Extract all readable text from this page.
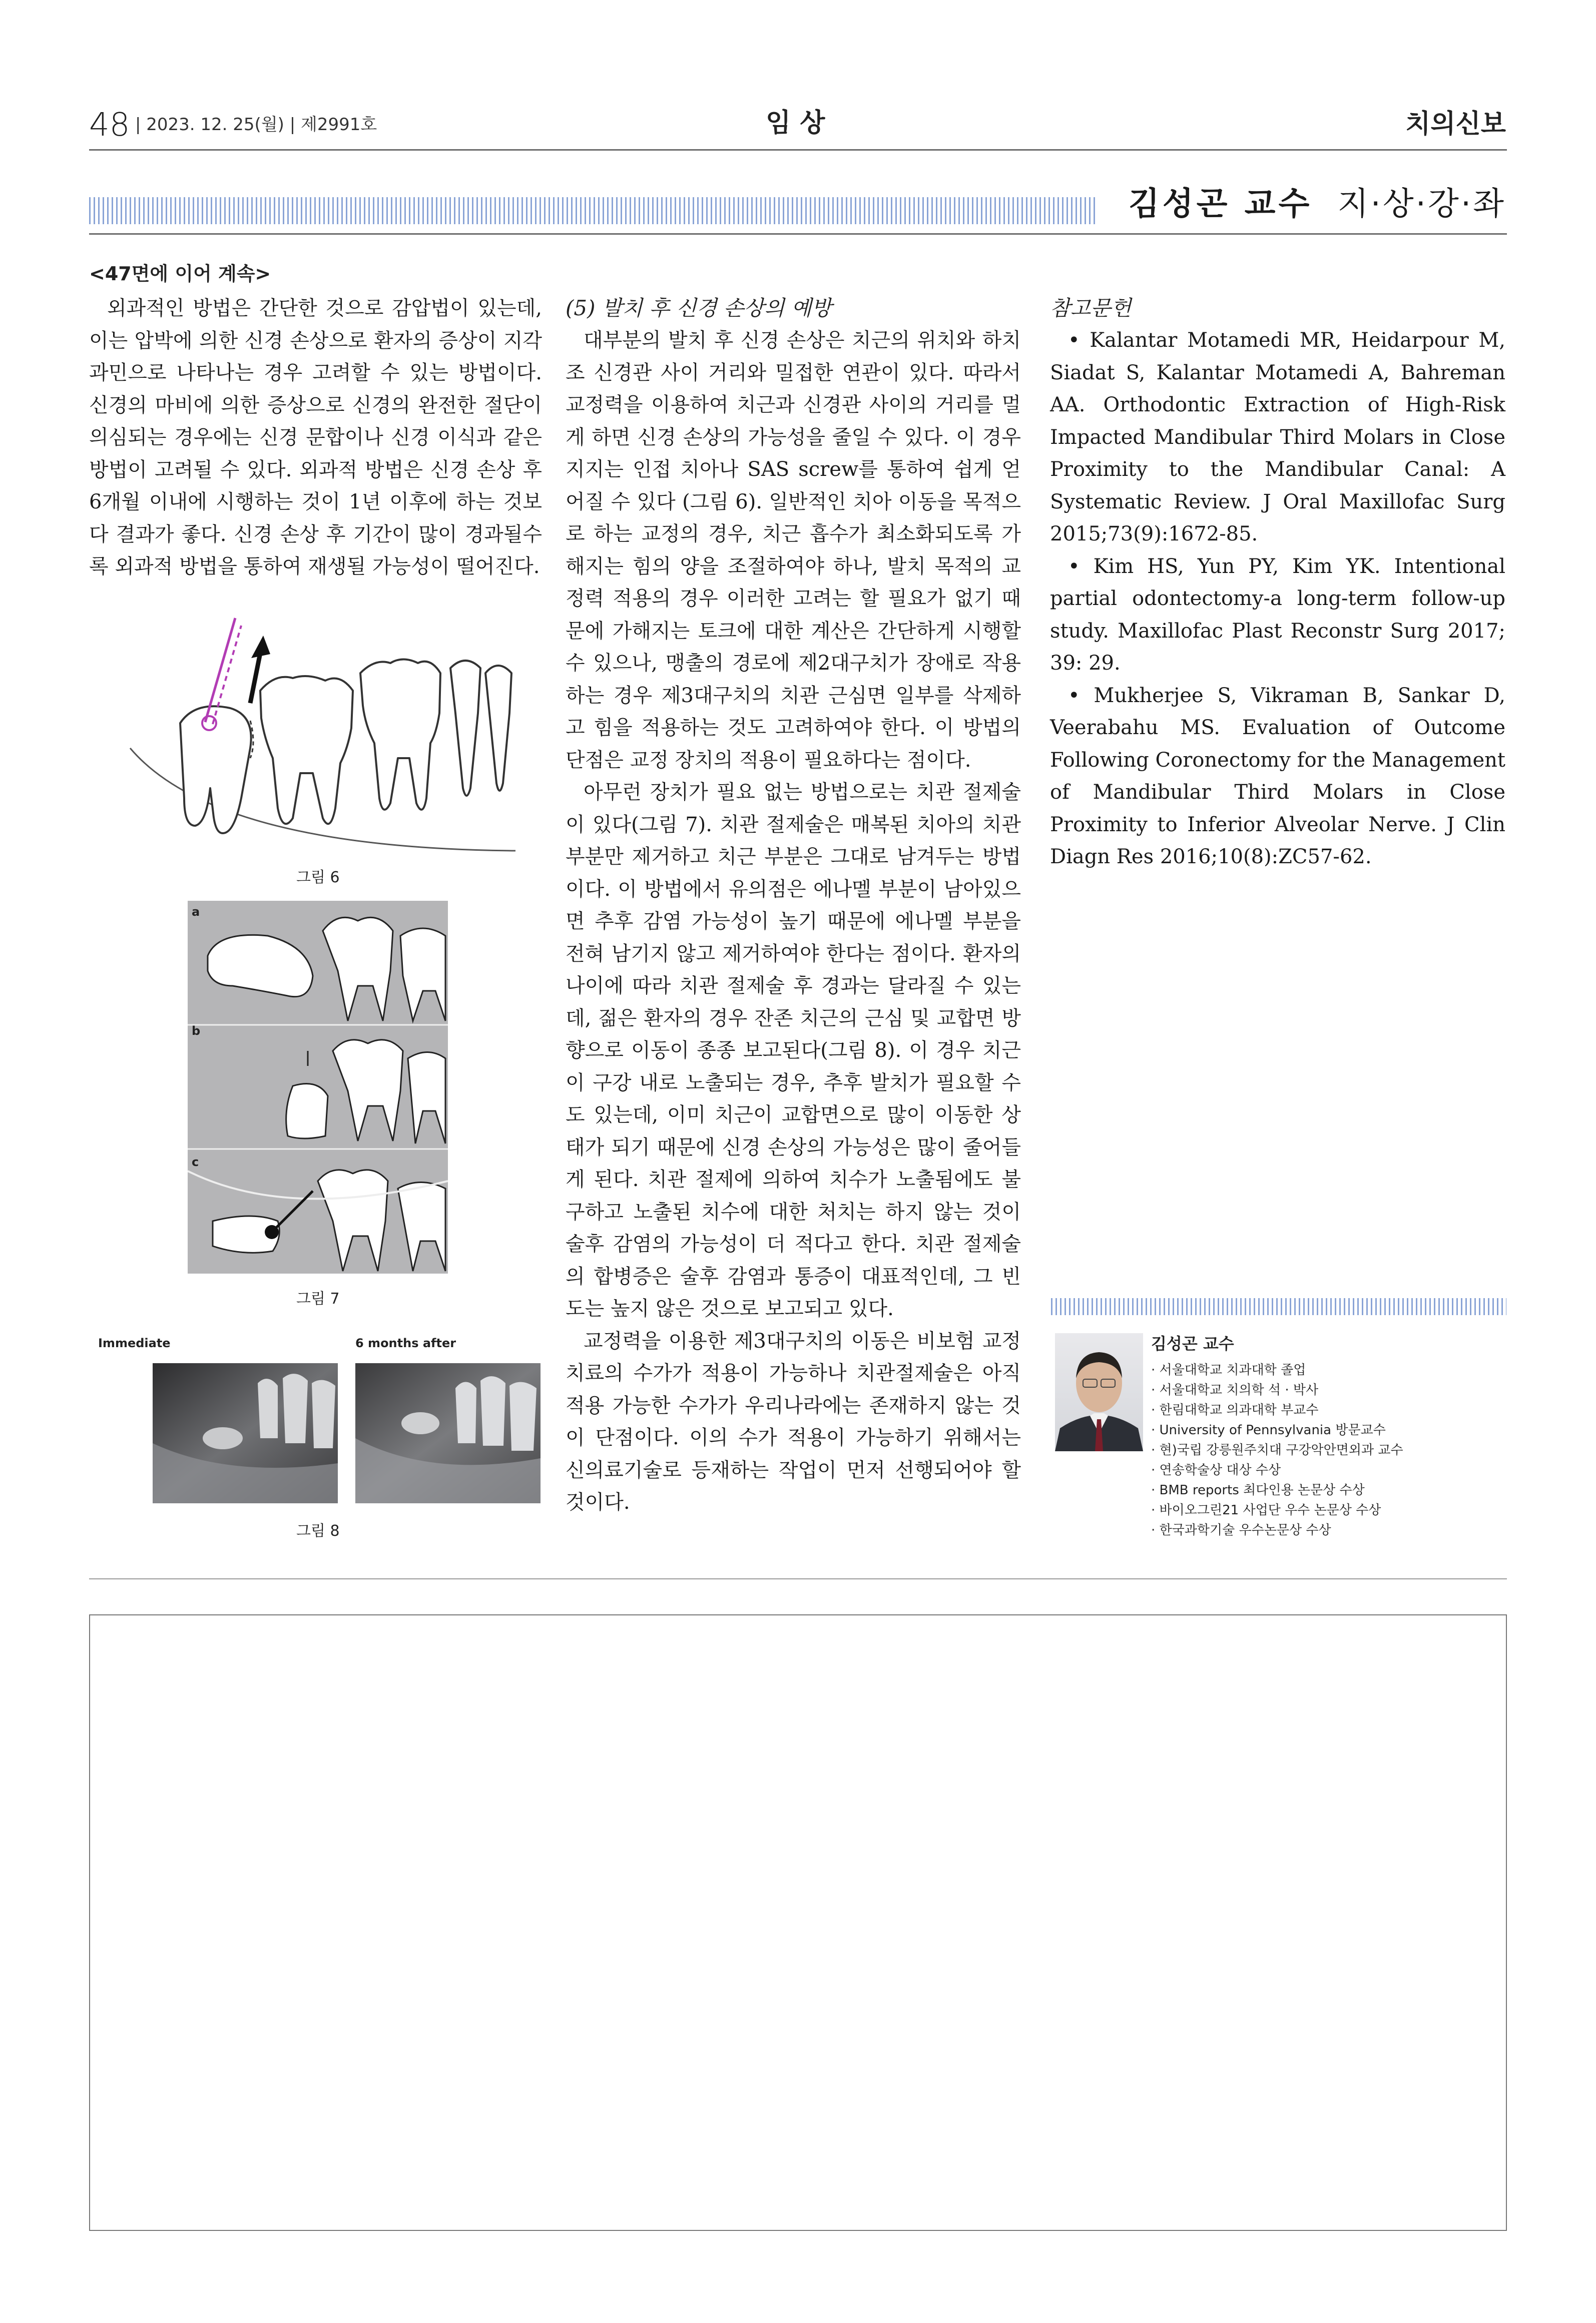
48 | 2023. 12. 25(월) | 제2991호	임상	치의신보
김성곤 교수 지·상·강·좌
<47면에 이어 계속>

외과적인 방법은 간단한 것으로 감압법이 있는데, 이는 압박에 의한 신경 손상으로 환자의 증상이 지각 과민으로 나타나는 경우 고려할 수 있는 방법이다. 신경의 마비에 의한 증상으로 신경의 완전한 절단이 의심되는 경우에는 신경 문합이나 신경 이식과 같은 방법이 고려될 수 있다. 외과적 방법은 신경 손상 후 6개월 이내에 시행하는 것이 1년 이후에 하는 것보다 결과가 좋다. 신경 손상 후 기간이 많이 경과될수록 외과적 방법을 통하여 재생될 가능성이 떨어진다.

그림 6
a
b
c
그림 7
Immediate	6 months after
그림 8
(5) 발치 후 신경 손상의 예방

대부분의 발치 후 신경 손상은 치근의 위치와 하치조 신경관 사이 거리와 밀접한 연관이 있다. 따라서 교정력을 이용하여 치근과 신경관 사이의 거리를 멀게 하면 신경 손상의 가능성을 줄일 수 있다. 이 경우 지지는 인접 치아나 SAS screw를 통하여 쉽게 얻어질 수 있다 (그림 6). 일반적인 치아 이동을 목적으로 하는 교정의 경우, 치근 흡수가 최소화되도록 가해지는 힘의 양을 조절하여야 하나, 발치 목적의 교정력 적용의 경우 이러한 고려는 할 필요가 없기 때문에 가해지는 토크에 대한 계산은 간단하게 시행할 수 있으나, 맹출의 경로에 제2대구치가 장애로 작용하는 경우 제3대구치의 치관 근심면 일부를 삭제하고 힘을 적용하는 것도 고려하여야 한다. 이 방법의 단점은 교정 장치의 적용이 필요하다는 점이다.

아무런 장치가 필요 없는 방법으로는 치관 절제술이 있다(그림 7). 치관 절제술은 매복된 치아의 치관 부분만 제거하고 치근 부분은 그대로 남겨두는 방법이다. 이 방법에서 유의점은 에나멜 부분이 남아있으면 추후 감염 가능성이 높기 때문에 에나멜 부분을 전혀 남기지 않고 제거하여야 한다는 점이다. 환자의 나이에 따라 치관 절제술 후 경과는 달라질 수 있는데, 젊은 환자의 경우 잔존 치근의 근심 및 교합면 방향으로 이동이 종종 보고된다(그림 8). 이 경우 치근이 구강 내로 노출되는 경우, 추후 발치가 필요할 수도 있는데, 이미 치근이 교합면으로 많이 이동한 상태가 되기 때문에 신경 손상의 가능성은 많이 줄어들게 된다. 치관 절제에 의하여 치수가 노출됨에도 불구하고 노출된 치수에 대한 처치는 하지 않는 것이 술후 감염의 가능성이 더 적다고 한다. 치관 절제술의 합병증은 술후 감염과 통증이 대표적인데, 그 빈도는 높지 않은 것으로 보고되고 있다.

교정력을 이용한 제3대구치의 이동은 비보험 교정치료의 수가가 적용이 가능하나 치관절제술은 아직 적용 가능한 수가가 우리나라에는 존재하지 않는 것이 단점이다. 이의 수가 적용이 가능하기 위해서는 신의료기술로 등재하는 작업이 먼저 선행되어야 할 것이다.

참고문헌

• Kalantar Motamedi MR, Heidarpour M, Siadat S, Kalantar Motamedi A, Bahreman AA. Orthodontic Extraction of High-Risk Impacted Mandibular Third Molars in Close Proximity to the Mandibular Canal: A Systematic Review. J Oral Maxillofac Surg 2015;73(9):1672-85.

• Kim HS, Yun PY, Kim YK. Intentional partial odontectomy-a long-term follow-up study. Maxillofac Plast Reconstr Surg 2017; 39: 29.

• Mukherjee S, Vikraman B, Sankar D, Veerabahu MS. Evaluation of Outcome Following Coronectomy for the Management of Mandibular Third Molars in Close Proximity to Inferior Alveolar Nerve. J Clin Diagn Res 2016;10(8):ZC57-62.

김성곤 교수
· 서울대학교 치과대학 졸업
· 서울대학교 치의학 석 · 박사
· 한림대학교 의과대학 부교수
· University of Pennsylvania 방문교수
· 현)국립 강릉원주치대 구강악안면외과 교수
· 연송학술상 대상 수상
· BMB reports 최다인용 논문상 수상
· 바이오그린21 사업단 우수 논문상 수상
· 한국과학기술 우수논문상 수상
